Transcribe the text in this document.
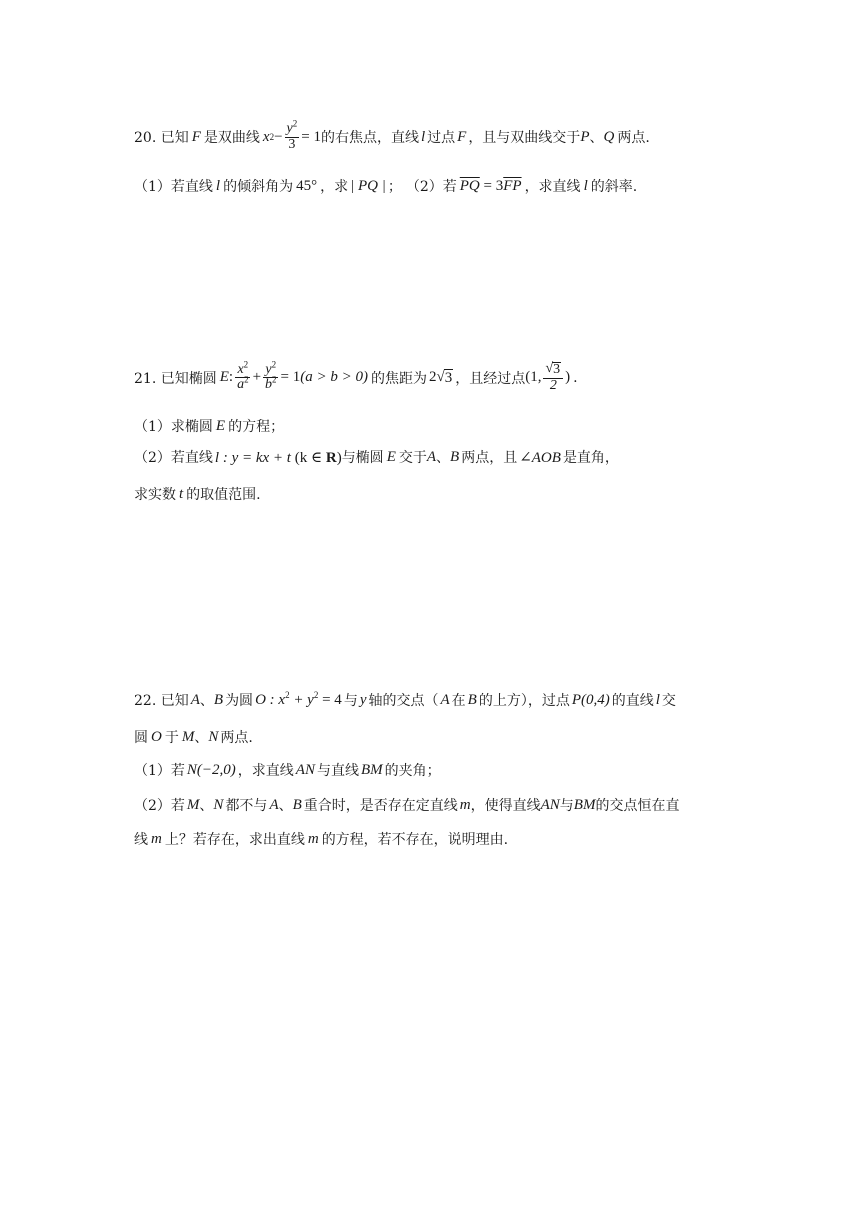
20. 已知 F 是双曲线 x $2 - \frac{y^2}{3} = 1$ 的右焦点，直线 l 过点 F ，且与双曲线交于 P 、 Q 两点.
（1）若直线 l 的倾斜角为 45° ，求 | PQ | ； （2）若 $\overline{PQ} = 3\overline{FP}$ ，求直线 l 的斜率.
21. 已知椭圆 E : $\frac{x^2}{a^2} + \frac{y^2}{b^2} = 1$ (a > b > 0) 的焦距为 2 √ 3 ，且经过点 (1, $\frac{√ 3}{2}$ ) .
（1）求椭圆 E 的方程；
（2）若直线 l : y = kx + t (k ∈ R) 与椭圆 E 交于 A 、 B 两点，且 ∠AOB 是直角，
求实数 t 的取值范围.
22. 已知 A 、 B 为圆 O : $x^2 + y^2 = 4$ 与 y 轴的交点（ A 在 B 的上方），过点 P(0,4) 的直线 l 交
圆 O 于 M 、 N 两点.
（1）若 N(−2,0) ，求直线 AN 与直线 BM 的夹角；
（2）若 M 、 N 都不与 A 、 B 重合时，是否存在定直线 m ，使得直线 AN 与 BM 的交点恒在直
线 m 上？若存在，求出直线 m 的方程，若不存在，说明理由.
